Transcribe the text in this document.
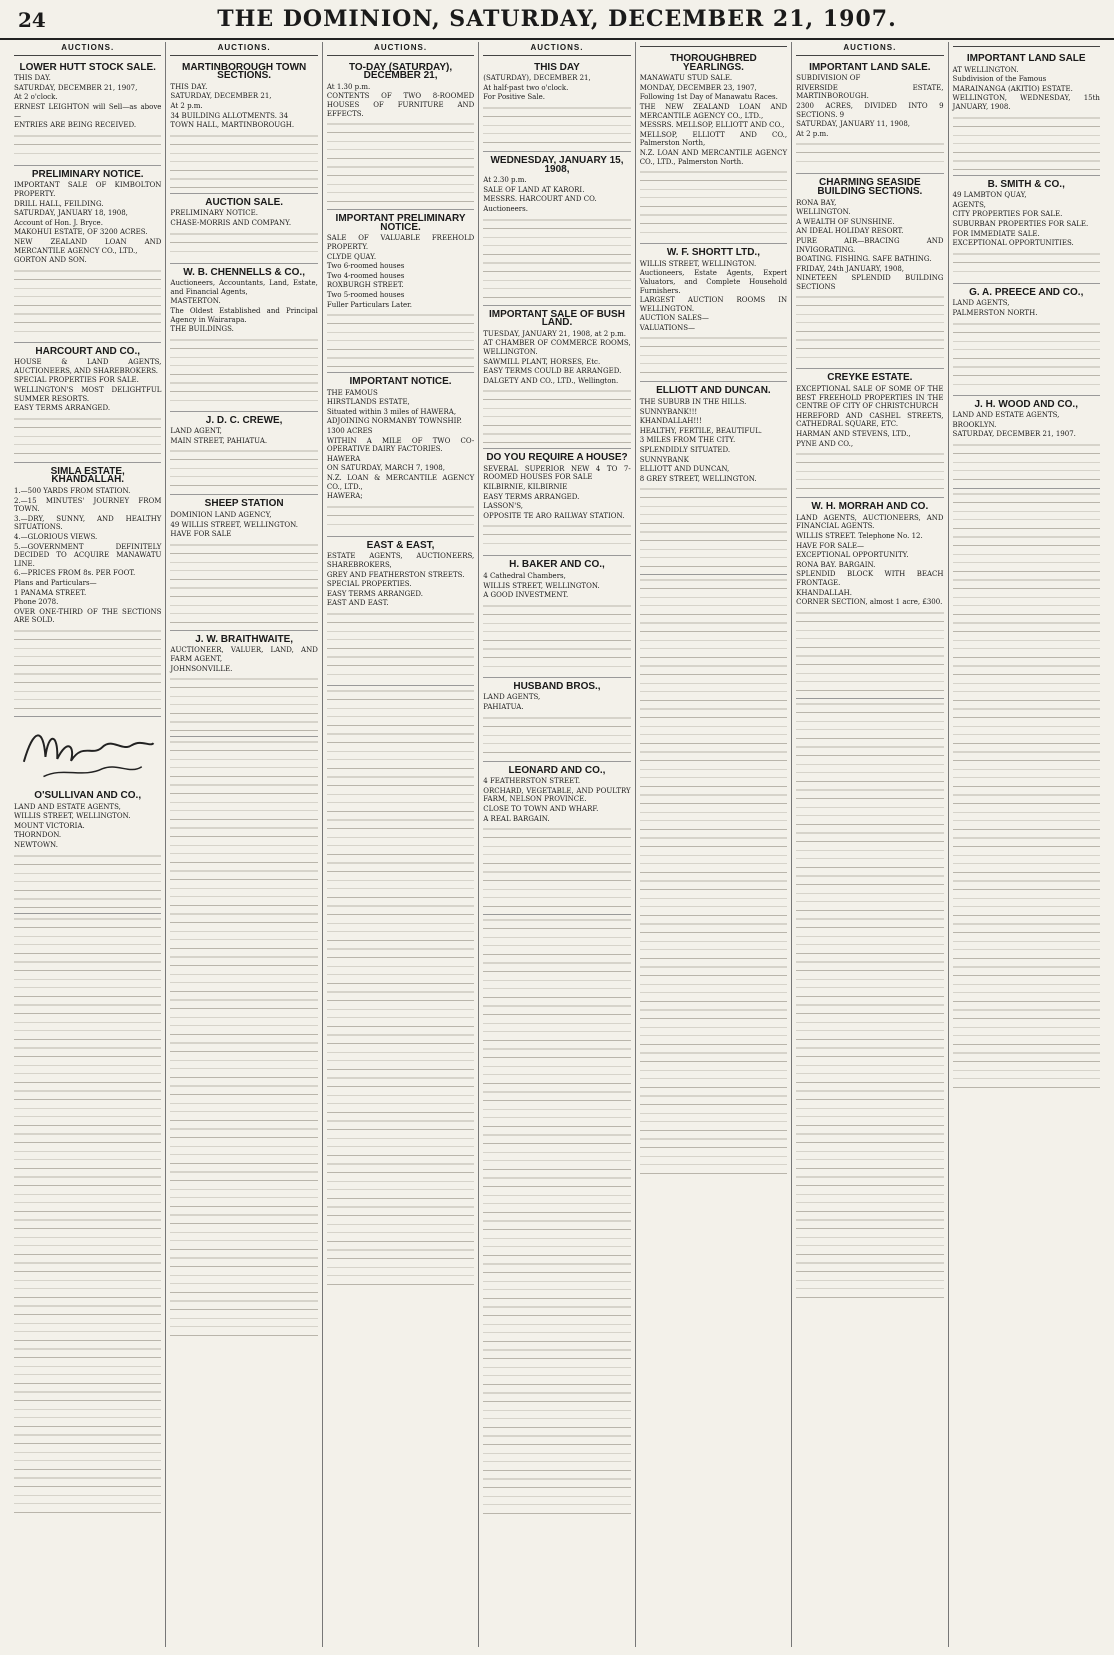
24	THE DOMINION, SATURDAY, DECEMBER 21, 1907.
AUCTIONS.
LOWER HUTT STOCK SALE.

THIS DAY.

SATURDAY, DECEMBER 21, 1907,

At 2 o'clock.

ERNEST LEIGHTON will Sell—as above—

ENTRIES ARE BEING RECEIVED.

PRELIMINARY NOTICE.

IMPORTANT SALE OF KIMBOLTON PROPERTY.

DRILL HALL, FEILDING.

SATURDAY, JANUARY 18, 1908,

Account of Hon. J. Bryce.

MAKOHUI ESTATE, OF 3200 ACRES.

NEW ZEALAND LOAN AND MERCANTILE AGENCY CO., LTD.,

GORTON AND SON.

HARCOURT AND CO.,

HOUSE & LAND AGENTS, AUCTIONEERS, AND SHAREBROKERS.

SPECIAL PROPERTIES FOR SALE.

WELLINGTON'S MOST DELIGHTFUL SUMMER RESORTS.

EASY TERMS ARRANGED.

SIMLA ESTATE, KHANDALLAH.

1.—500 YARDS FROM STATION.

2.—15 MINUTES' JOURNEY FROM TOWN.

3.—DRY, SUNNY, AND HEALTHY SITUATIONS.

4.—GLORIOUS VIEWS.

5.—GOVERNMENT DEFINITELY DECIDED TO ACQUIRE MANAWATU LINE.

6.—PRICES FROM 8s. PER FOOT.

Plans and Particulars—

1 PANAMA STREET.

Phone 2078.

OVER ONE-THIRD OF THE SECTIONS ARE SOLD.

O'SULLIVAN AND CO.,

LAND AND ESTATE AGENTS,

WILLIS STREET, WELLINGTON.

MOUNT VICTORIA.

THORNDON.

NEWTOWN.

AUCTIONS.
MARTINBOROUGH TOWN SECTIONS.

THIS DAY.

SATURDAY, DECEMBER 21,

At 2 p.m.

34 BUILDING ALLOTMENTS. 34

TOWN HALL, MARTINBOROUGH.

AUCTION SALE.

PRELIMINARY NOTICE.

CHASE-MORRIS AND COMPANY.

W. B. CHENNELLS & CO.,

Auctioneers, Accountants, Land, Estate, and Financial Agents,

MASTERTON.

The Oldest Established and Principal Agency in Wairarapa.

THE BUILDINGS.

J. D. C. CREWE,

LAND AGENT,

MAIN STREET, PAHIATUA.

SHEEP STATION

DOMINION LAND AGENCY,

49 WILLIS STREET, WELLINGTON.

HAVE FOR SALE

J. W. BRAITHWAITE,

AUCTIONEER, VALUER, LAND, AND FARM AGENT,

JOHNSONVILLE.

AUCTIONS.
TO-DAY (SATURDAY), DECEMBER 21,

At 1.30 p.m.

CONTENTS OF TWO 8-ROOMED HOUSES OF FURNITURE AND EFFECTS.

IMPORTANT PRELIMINARY NOTICE.

SALE OF VALUABLE FREEHOLD PROPERTY.

CLYDE QUAY.

Two 6-roomed houses

Two 4-roomed houses

ROXBURGH STREET.

Two 5-roomed houses

Fuller Particulars Later.

IMPORTANT NOTICE.

THE FAMOUS

HIRSTLANDS ESTATE,

Situated within 3 miles of HAWERA,

ADJOINING NORMANBY TOWNSHIP.

1300 ACRES

WITHIN A MILE OF TWO CO-OPERATIVE DAIRY FACTORIES.

HAWERA

ON SATURDAY, MARCH 7, 1908,

N.Z. LOAN & MERCANTILE AGENCY CO., LTD.,

HAWERA;

EAST & EAST,

ESTATE AGENTS, AUCTIONEERS, SHAREBROKERS,

GREY AND FEATHERSTON STREETS.

SPECIAL PROPERTIES.

EASY TERMS ARRANGED.

EAST AND EAST.

AUCTIONS.
THIS DAY

(SATURDAY), DECEMBER 21,

At half-past two o'clock.

For Positive Sale.

WEDNESDAY, JANUARY 15, 1908,

At 2.30 p.m.

SALE OF LAND AT KARORI.

MESSRS. HARCOURT AND CO.

Auctioneers.

IMPORTANT SALE OF BUSH LAND.

TUESDAY, JANUARY 21, 1908, at 2 p.m.

AT CHAMBER OF COMMERCE ROOMS, WELLINGTON.

SAWMILL PLANT, HORSES, Etc.

EASY TERMS COULD BE ARRANGED.

DALGETY AND CO., LTD., Wellington.

DO YOU REQUIRE A HOUSE?

SEVERAL SUPERIOR NEW 4 TO 7-ROOMED HOUSES FOR SALE

KILBIRNIE, KILBIRNIE

EASY TERMS ARRANGED.

LASSON'S,

OPPOSITE TE ARO RAILWAY STATION.

H. BAKER AND CO.,

4 Cathedral Chambers,

WILLIS STREET, WELLINGTON.

A GOOD INVESTMENT.

HUSBAND BROS.,

LAND AGENTS,

PAHIATUA.

LEONARD AND CO.,

4 FEATHERSTON STREET.

ORCHARD, VEGETABLE, AND POULTRY FARM, NELSON PROVINCE.

CLOSE TO TOWN AND WHARF.

A REAL BARGAIN.

THOROUGHBRED YEARLINGS.

MANAWATU STUD SALE.

MONDAY, DECEMBER 23, 1907,

Following 1st Day of Manawatu Races.

THE NEW ZEALAND LOAN AND MERCANTILE AGENCY CO., LTD.,

MESSRS. MELLSOP, ELLIOTT AND CO.,

MELLSOP, ELLIOTT AND CO., Palmerston North,

N.Z. LOAN AND MERCANTILE AGENCY CO., LTD., Palmerston North.

W. F. SHORTT LTD.,

WILLIS STREET, WELLINGTON.

Auctioneers, Estate Agents, Expert Valuators, and Complete Household Furnishers.

LARGEST AUCTION ROOMS IN WELLINGTON.

AUCTION SALES—

VALUATIONS—

ELLIOTT AND DUNCAN.

THE SUBURB IN THE HILLS.

SUNNYBANK!!!

KHANDALLAH!!!

HEALTHY, FERTILE, BEAUTIFUL.

3 MILES FROM THE CITY.

SPLENDIDLY SITUATED.

SUNNYBANK

ELLIOTT AND DUNCAN,

8 GREY STREET, WELLINGTON.

AUCTIONS.
IMPORTANT LAND SALE.

SUBDIVISION OF

RIVERSIDE ESTATE, MARTINBOROUGH.

2300 ACRES, DIVIDED INTO 9 SECTIONS. 9

SATURDAY, JANUARY 11, 1908,

At 2 p.m.

CHARMING SEASIDE BUILDING SECTIONS.

RONA BAY,

WELLINGTON.

A WEALTH OF SUNSHINE.

AN IDEAL HOLIDAY RESORT.

PURE AIR—BRACING AND INVIGORATING.

BOATING. FISHING. SAFE BATHING.

FRIDAY, 24th JANUARY, 1908,

NINETEEN SPLENDID BUILDING SECTIONS

CREYKE ESTATE.

EXCEPTIONAL SALE OF SOME OF THE BEST FREEHOLD PROPERTIES IN THE CENTRE OF CITY OF CHRISTCHURCH

HEREFORD AND CASHEL STREETS, CATHEDRAL SQUARE, ETC.

HARMAN AND STEVENS, LTD.,

PYNE AND CO.,

W. H. MORRAH AND CO.

LAND AGENTS, AUCTIONEERS, AND FINANCIAL AGENTS.

WILLIS STREET. Telephone No. 12.

HAVE FOR SALE—

EXCEPTIONAL OPPORTUNITY.

RONA BAY. BARGAIN.

SPLENDID BLOCK WITH BEACH FRONTAGE.

KHANDALLAH.

CORNER SECTION, almost 1 acre, £300.

IMPORTANT LAND SALE

AT WELLINGTON.

Subdivision of the Famous

MARAINANGA (AKITIO) ESTATE.

WELLINGTON, WEDNESDAY, 15th JANUARY, 1908.

B. SMITH & CO.,

49 LAMBTON QUAY,

AGENTS,

CITY PROPERTIES FOR SALE.

SUBURBAN PROPERTIES FOR SALE.

FOR IMMEDIATE SALE.

EXCEPTIONAL OPPORTUNITIES.

G. A. PREECE AND CO.,

LAND AGENTS,

PALMERSTON NORTH.

J. H. WOOD AND CO.,

LAND AND ESTATE AGENTS,

BROOKLYN.

SATURDAY, DECEMBER 21, 1907.
